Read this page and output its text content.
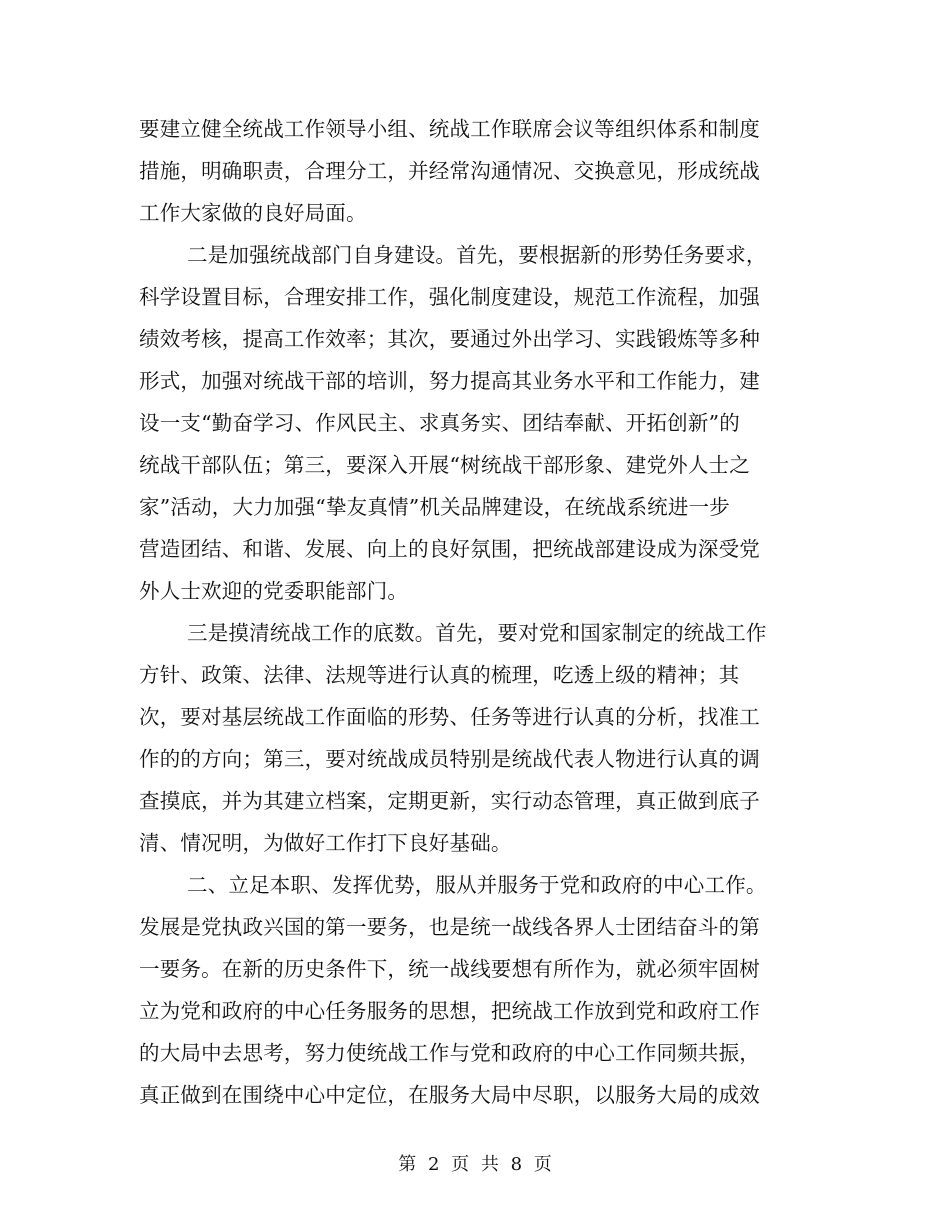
要建立健全统战工作领导小组、统战工作联席会议等组织体系和制度
措施，明确职责，合理分工，并经常沟通情况、交换意见，形成统战
工作大家做的良好局面。
二是加强统战部门自身建设。首先，要根据新的形势任务要求，
科学设置目标，合理安排工作，强化制度建设，规范工作流程，加强
绩效考核，提高工作效率；其次，要通过外出学习、实践锻炼等多种
形式，加强对统战干部的培训，努力提高其业务水平和工作能力，建
设一支“勤奋学习、作风民主、求真务实、团结奉献、开拓创新”的
统战干部队伍；第三，要深入开展“树统战干部形象、建党外人士之
家”活动，大力加强“挚友真情”机关品牌建设，在统战系统进一步
营造团结、和谐、发展、向上的良好氛围，把统战部建设成为深受党
外人士欢迎的党委职能部门。
三是摸清统战工作的底数。首先，要对党和国家制定的统战工作
方针、政策、法律、法规等进行认真的梳理，吃透上级的精神；其
次，要对基层统战工作面临的形势、任务等进行认真的分析，找准工
作的的方向；第三，要对统战成员特别是统战代表人物进行认真的调
查摸底，并为其建立档案，定期更新，实行动态管理，真正做到底子
清、情况明，为做好工作打下良好基础。
二、立足本职、发挥优势，服从并服务于党和政府的中心工作。
发展是党执政兴国的第一要务，也是统一战线各界人士团结奋斗的第
一要务。在新的历史条件下，统一战线要想有所作为，就必须牢固树
立为党和政府的中心任务服务的思想，把统战工作放到党和政府工作
的大局中去思考，努力使统战工作与党和政府的中心工作同频共振，
真正做到在围绕中心中定位，在服务大局中尽职，以服务大局的成效
第 2 页 共 8 页
